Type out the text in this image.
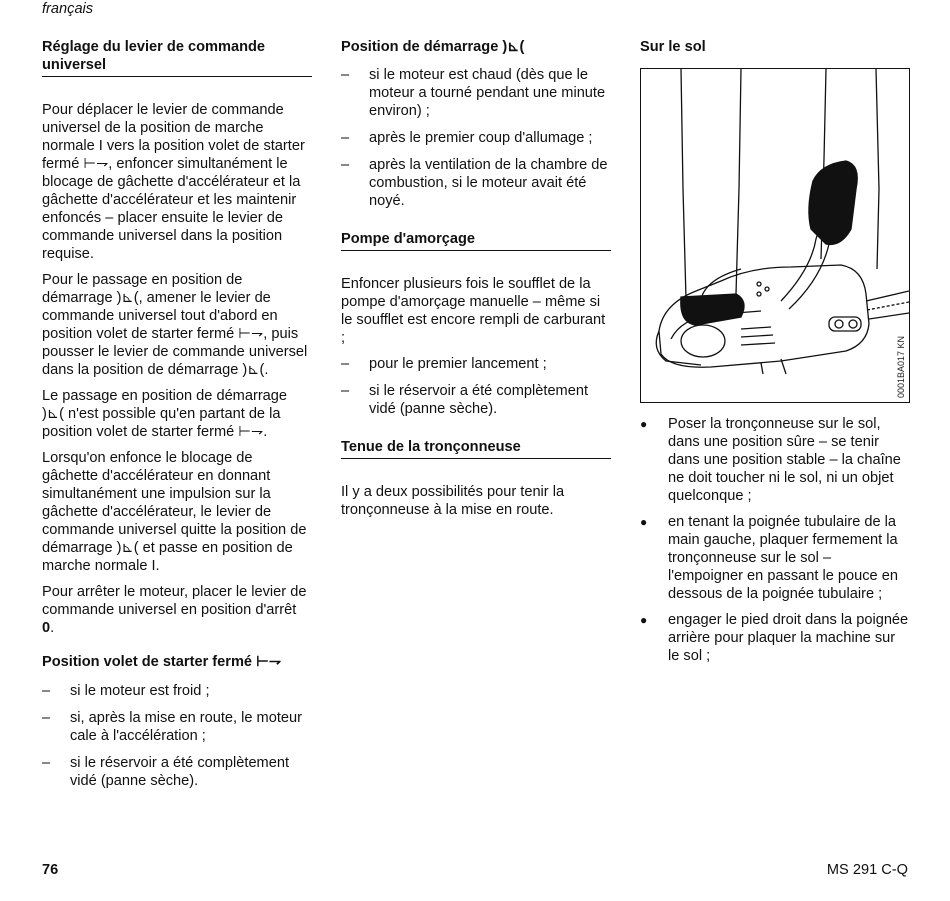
français
Réglage du levier de commande universel

Pour déplacer le levier de commande universel de la position de marche normale I vers la position volet de starter fermé ⊢⇁, enfoncer simultanément le blocage de gâchette d'accélérateur et la gâchette d'accélérateur et les maintenir enfoncés – placer ensuite le levier de commande universel dans la position requise.

Pour le passage en position de démarrage )⊾(, amener le levier de commande universel tout d'abord en position volet de starter fermé ⊢⇁, puis pousser le levier de commande universel dans la position de démarrage )⊾(.

Le passage en position de démarrage )⊾( n'est possible qu'en partant de la position volet de starter fermé ⊢⇁.

Lorsqu'on enfonce le blocage de gâchette d'accélérateur en donnant simultanément une impulsion sur la gâchette d'accélérateur, le levier de commande universel quitte la position de démarrage )⊾( et passe en position de marche normale I.

Pour arrêter le moteur, placer le levier de commande universel en position d'arrêt 0.

Position volet de starter fermé ⊢⇁
– si le moteur est froid ;
– si, après la mise en route, le moteur cale à l'accélération ;
– si le réservoir a été complètement vidé (panne sèche).
Position de démarrage )⊾(
– si le moteur est chaud (dès que le moteur a tourné pendant une minute environ) ;
– après le premier coup d'allumage ;
– après la ventilation de la chambre de combustion, si le moteur avait été noyé.
Pompe d'amorçage

Enfoncer plusieurs fois le soufflet de la pompe d'amorçage manuelle – même si le soufflet est encore rempli de carburant ;

– pour le premier lancement ;
– si le réservoir a été complètement vidé (panne sèche).
Tenue de la tronçonneuse

Il y a deux possibilités pour tenir la tronçonneuse à la mise en route.

Sur le sol
0001BA017 KN
● Poser la tronçonneuse sur le sol, dans une position sûre – se tenir dans une position stable – la chaîne ne doit toucher ni le sol, ni un objet quelconque ;
● en tenant la poignée tubulaire de la main gauche, plaquer fermement la tronçonneuse sur le sol – l'empoigner en passant le pouce en dessous de la poignée tubulaire ;
● engager le pied droit dans la poignée arrière pour plaquer la machine sur le sol ;
76	MS 291 C-Q
